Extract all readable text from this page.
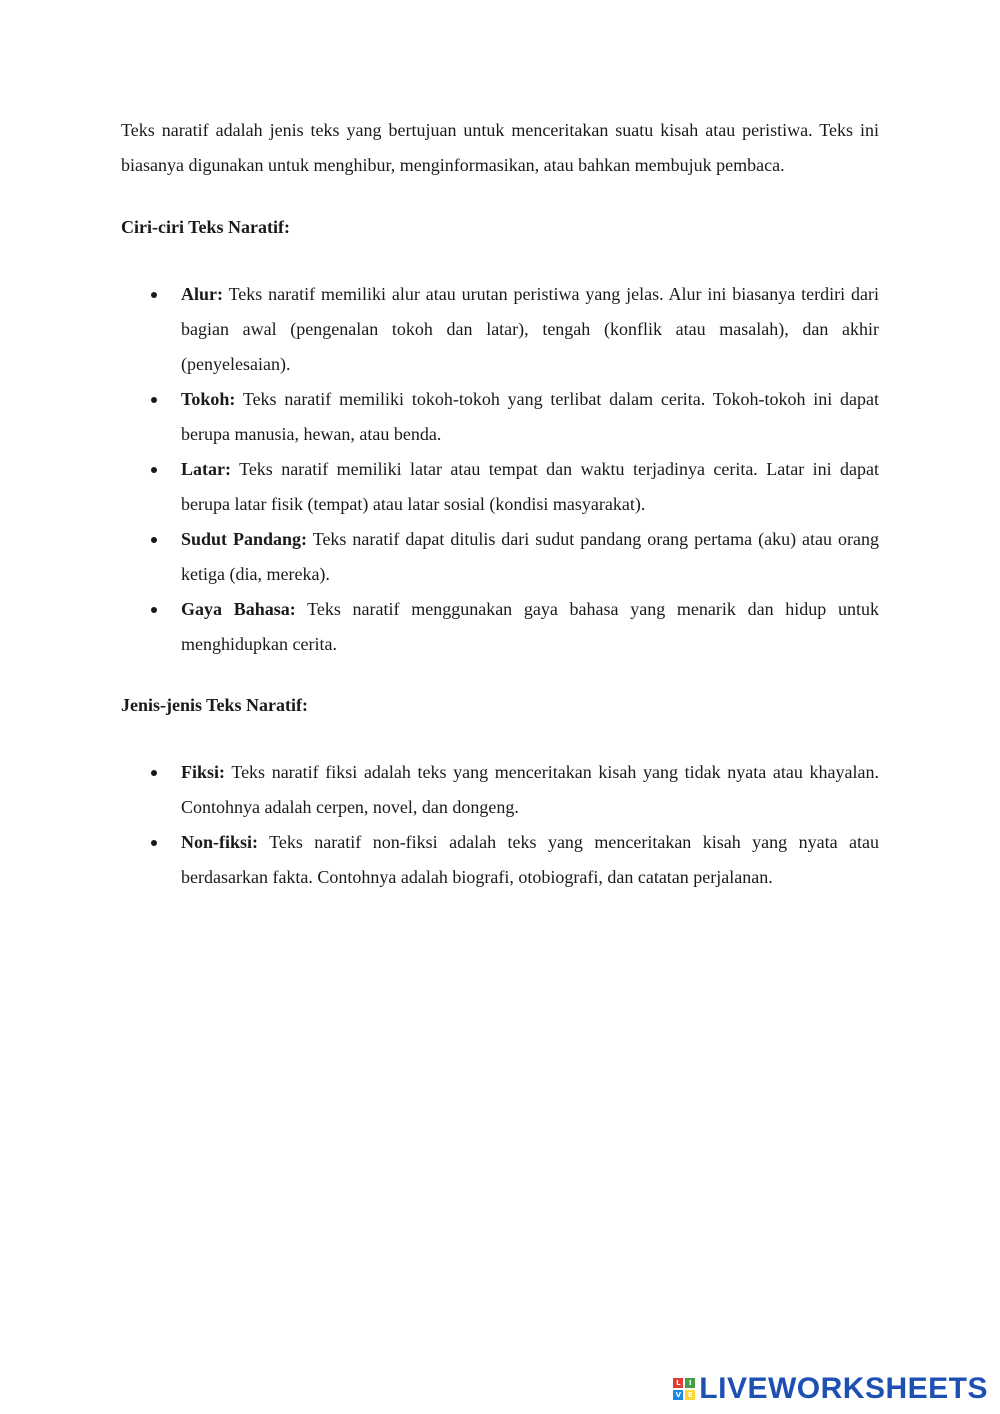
Teks naratif adalah jenis teks yang bertujuan untuk menceritakan suatu kisah atau peristiwa. Teks ini biasanya digunakan untuk menghibur, menginformasikan, atau bahkan membujuk pembaca.

Ciri-ciri Teks Naratif:
Alur: Teks naratif memiliki alur atau urutan peristiwa yang jelas. Alur ini biasanya terdiri dari bagian awal (pengenalan tokoh dan latar), tengah (konflik atau masalah), dan akhir (penyelesaian).
Tokoh: Teks naratif memiliki tokoh-tokoh yang terlibat dalam cerita. Tokoh-tokoh ini dapat berupa manusia, hewan, atau benda.
Latar: Teks naratif memiliki latar atau tempat dan waktu terjadinya cerita. Latar ini dapat berupa latar fisik (tempat) atau latar sosial (kondisi masyarakat).
Sudut Pandang: Teks naratif dapat ditulis dari sudut pandang orang pertama (aku) atau orang ketiga (dia, mereka).
Gaya Bahasa: Teks naratif menggunakan gaya bahasa yang menarik dan hidup untuk menghidupkan cerita.
Jenis-jenis Teks Naratif:
Fiksi: Teks naratif fiksi adalah teks yang menceritakan kisah yang tidak nyata atau khayalan. Contohnya adalah cerpen, novel, dan dongeng.
Non-fiksi: Teks naratif non-fiksi adalah teks yang menceritakan kisah yang nyata atau berdasarkan fakta. Contohnya adalah biografi, otobiografi, dan catatan perjalanan.
L	I
V E LIVEWORKSHEETS
